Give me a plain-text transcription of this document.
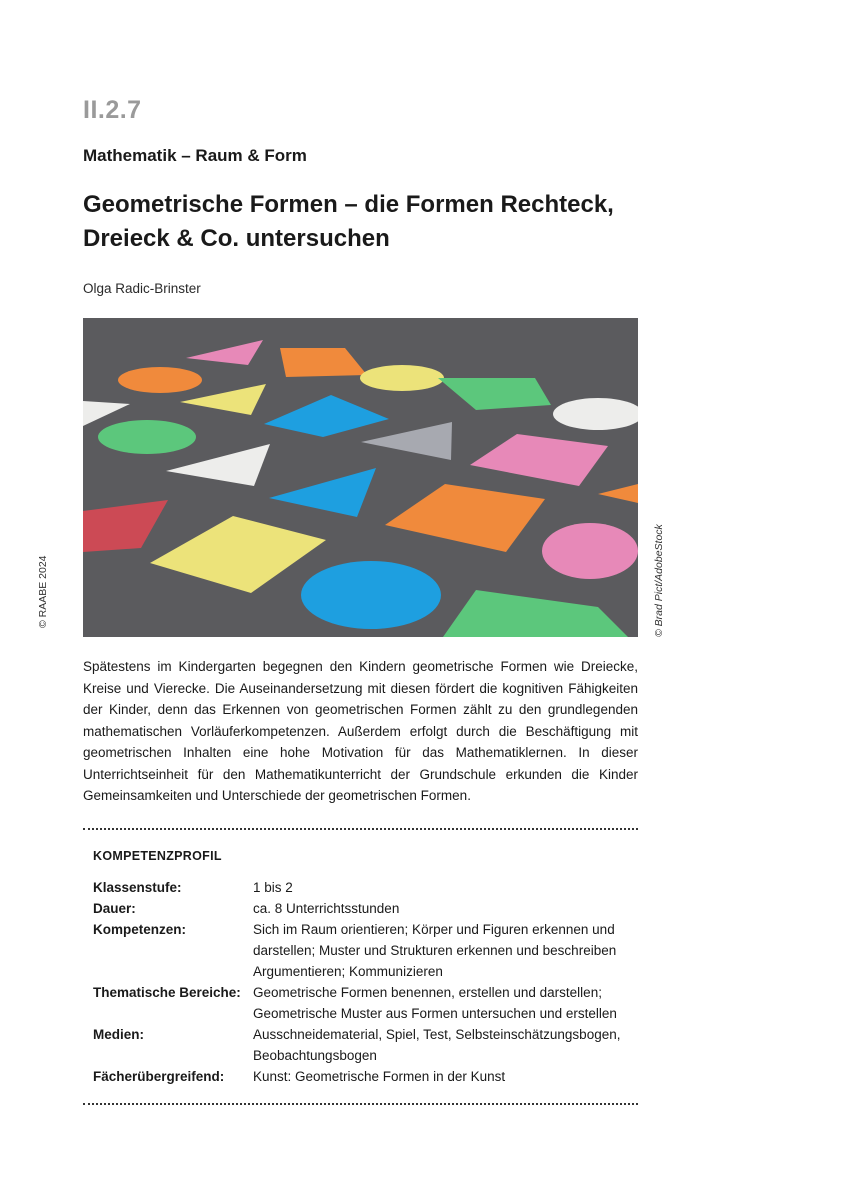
II.2.7
Mathematik – Raum & Form
Geometrische Formen – die Formen Rechteck,
Dreieck & Co. untersuchen
Olga Radic-Brinster
© Brad Pict/AdobeStock
© RAABE 2024

Spätestens im Kindergarten begegnen den Kindern geometrische Formen wie Dreiecke, Kreise und Vierecke. Die Auseinandersetzung mit diesen fördert die kognitiven Fähigkeiten der Kinder, denn das Erkennen von geometrischen Formen zählt zu den grundlegenden mathematischen Vorläuferkompetenzen. Außerdem erfolgt durch die Beschäftigung mit geometrischen Inhalten eine hohe Motivation für das Mathematiklernen. In dieser Unterrichtseinheit für den Mathematikunterricht der Grundschule erkunden die Kinder Gemeinsamkeiten und Unterschiede der geometrischen Formen.

KOMPETENZPROFIL
Klassenstufe:	1 bis 2
Dauer:	ca. 8 Unterrichtsstunden
Kompetenzen:	Sich im Raum orientieren; Körper und Figuren erkennen und
darstellen; Muster und Strukturen erkennen und beschreiben
Argumentieren; Kommunizieren
Thematische Bereiche: Geometrische Formen benennen, erstellen und darstellen;
Geometrische Muster aus Formen untersuchen und erstellen
Medien:	Ausschneidematerial, Spiel, Test, Selbsteinschätzungsbogen,
Beobachtungsbogen
Fächerübergreifend:	Kunst: Geometrische Formen in der Kunst
